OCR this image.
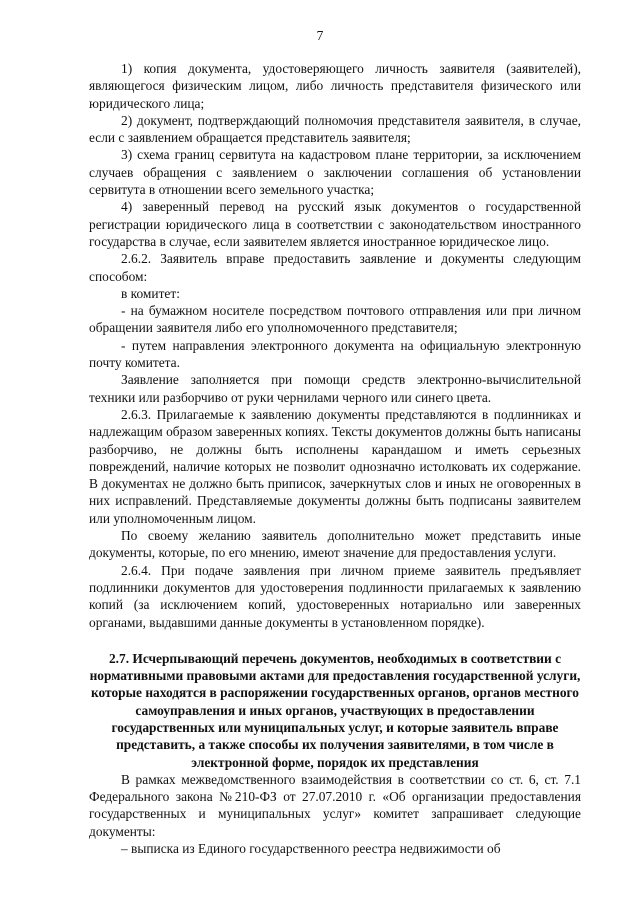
7

1) копия документа, удостоверяющего личность заявителя (заявителей), являющегося физическим лицом, либо личность представителя физического или юридического лица;

2) документ, подтверждающий полномочия представителя заявителя, в случае, если с заявлением обращается представитель заявителя;

3) схема границ сервитута на кадастровом плане территории, за исключением случаев обращения с заявлением о заключении соглашения об установлении сервитута в отношении всего земельного участка;

4) заверенный перевод на русский язык документов о государственной регистрации юридического лица в соответствии с законодательством иностранного государства в случае, если заявителем является иностранное юридическое лицо.

2.6.2. Заявитель вправе предоставить заявление и документы следующим способом:

в комитет:

- на бумажном носителе посредством почтового отправления или при личном обращении заявителя либо его уполномоченного представителя;

- путем направления электронного документа на официальную электронную почту комитета.

Заявление заполняется при помощи средств электронно-вычислительной техники или разборчиво от руки чернилами черного или синего цвета.

2.6.3. Прилагаемые к заявлению документы представляются в подлинниках и надлежащим образом заверенных копиях. Тексты документов должны быть написаны разборчиво, не должны быть исполнены карандашом и иметь серьезных повреждений, наличие которых не позволит однозначно истолковать их содержание. В документах не должно быть приписок, зачеркнутых слов и иных не оговоренных в них исправлений. Представляемые документы должны быть подписаны заявителем или уполномоченным лицом.

По своему желанию заявитель дополнительно может представить иные документы, которые, по его мнению, имеют значение для предоставления услуги.

2.6.4. При подаче заявления при личном приеме заявитель предъявляет подлинники документов для удостоверения подлинности прилагаемых к заявлению копий (за исключением копий, удостоверенных нотариально или заверенных органами, выдавшими данные документы в установленном порядке).

2.7. Исчерпывающий перечень документов, необходимых в соответствии с нормативными правовыми актами для предоставления государственной услуги, которые находятся в распоряжении государственных органов, органов местного самоуправления и иных органов, участвующих в предоставлении государственных или муниципальных услуг, и которые заявитель вправе представить, а также способы их получения заявителями, в том числе в электронной форме, порядок их представления

В рамках межведомственного взаимодействия в соответствии со ст. 6, ст. 7.1 Федерального закона №210-ФЗ от 27.07.2010 г. «Об организации предоставления государственных и муниципальных услуг» комитет запрашивает следующие документы:

– выписка из Единого государственного реестра недвижимости об
